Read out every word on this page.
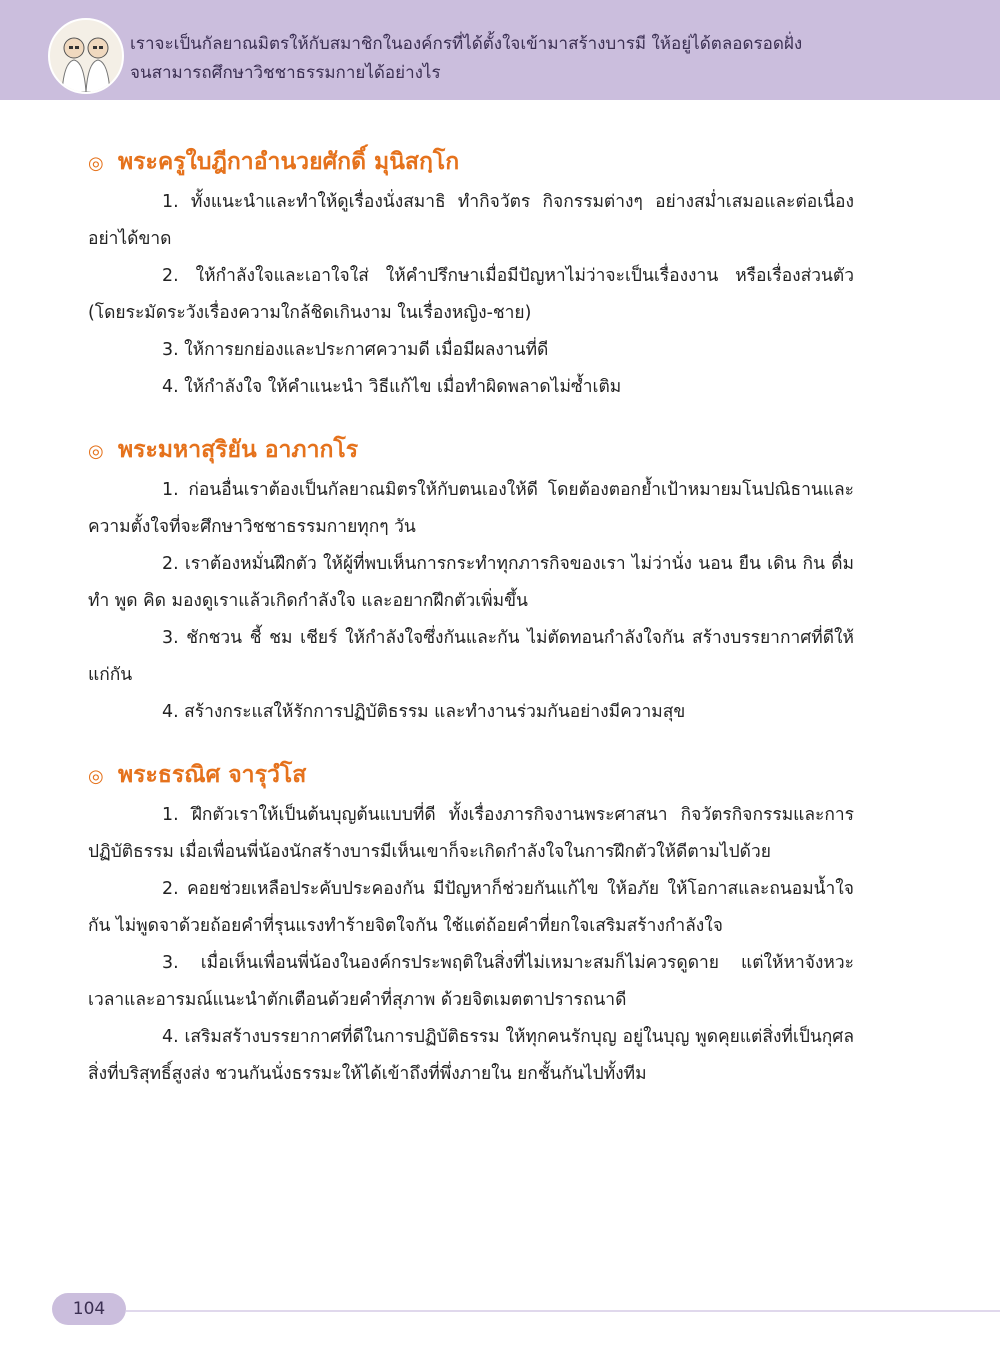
เราจะเป็นกัลยาณมิตรให้กับสมาชิกในองค์กรที่ได้ตั้งใจเข้ามาสร้างบารมี ให้อยู่ได้ตลอดรอดฝั่ง
จนสามารถศึกษาวิชชาธรรมกายได้อย่างไร
◎ พระครูใบฎีกาอำนวยศักดิ์ มุนิสกฺโก

1. ทั้งแนะนำและทำให้ดูเรื่องนั่งสมาธิ ทำกิจวัตร กิจกรรมต่างๆ อย่างสม่ำเสมอและต่อเนื่องอย่าได้ขาด

2. ให้กำลังใจและเอาใจใส่ ให้คำปรึกษาเมื่อมีปัญหาไม่ว่าจะเป็นเรื่องงาน หรือเรื่องส่วนตัว (โดยระมัดระวังเรื่องความใกล้ชิดเกินงาม ในเรื่องหญิง-ชาย)

3. ให้การยกย่องและประกาศความดี เมื่อมีผลงานที่ดี

4. ให้กำลังใจ ให้คำแนะนำ วิธีแก้ไข เมื่อทำผิดพลาดไม่ซ้ำเติม

◎ พระมหาสุริยัน อาภากโร

1. ก่อนอื่นเราต้องเป็นกัลยาณมิตรให้กับตนเองให้ดี โดยต้องตอกย้ำเป้าหมายมโนปณิธานและความตั้งใจที่จะศึกษาวิชชาธรรมกายทุกๆ วัน

2. เราต้องหมั่นฝึกตัว ให้ผู้ที่พบเห็นการกระทำทุกภารกิจของเรา ไม่ว่านั่ง นอน ยืน เดิน กิน ดื่ม ทำ พูด คิด มองดูเราแล้วเกิดกำลังใจ และอยากฝึกตัวเพิ่มขึ้น

3. ชักชวน ชี้ ชม เชียร์ ให้กำลังใจซึ่งกันและกัน ไม่ตัดทอนกำลังใจกัน สร้างบรรยากาศที่ดีให้แก่กัน

4. สร้างกระแสให้รักการปฏิบัติธรรม และทำงานร่วมกันอย่างมีความสุข

◎ พระธรณิศ จารุวํโส

1. ฝึกตัวเราให้เป็นต้นบุญต้นแบบที่ดี ทั้งเรื่องภารกิจงานพระศาสนา กิจวัตรกิจกรรมและการปฏิบัติธรรม เมื่อเพื่อนพี่น้องนักสร้างบารมีเห็นเขาก็จะเกิดกำลังใจในการฝึกตัวให้ดีตามไปด้วย

2. คอยช่วยเหลือประคับประคองกัน มีปัญหาก็ช่วยกันแก้ไข ให้อภัย ให้โอกาสและถนอมน้ำใจกัน ไม่พูดจาด้วยถ้อยคำที่รุนแรงทำร้ายจิตใจกัน ใช้แต่ถ้อยคำที่ยกใจเสริมสร้างกำลังใจ

3. เมื่อเห็นเพื่อนพี่น้องในองค์กรประพฤติในสิ่งที่ไม่เหมาะสมก็ไม่ควรดูดาย แต่ให้หาจังหวะเวลาและอารมณ์แนะนำตักเตือนด้วยคำที่สุภาพ ด้วยจิตเมตตาปรารถนาดี

4. เสริมสร้างบรรยากาศที่ดีในการปฏิบัติธรรม ให้ทุกคนรักบุญ อยู่ในบุญ พูดคุยแต่สิ่งที่เป็นกุศล สิ่งที่บริสุทธิ์สูงส่ง ชวนกันนั่งธรรมะให้ได้เข้าถึงที่พึ่งภายใน ยกชั้นกันไปทั้งทีม

104
